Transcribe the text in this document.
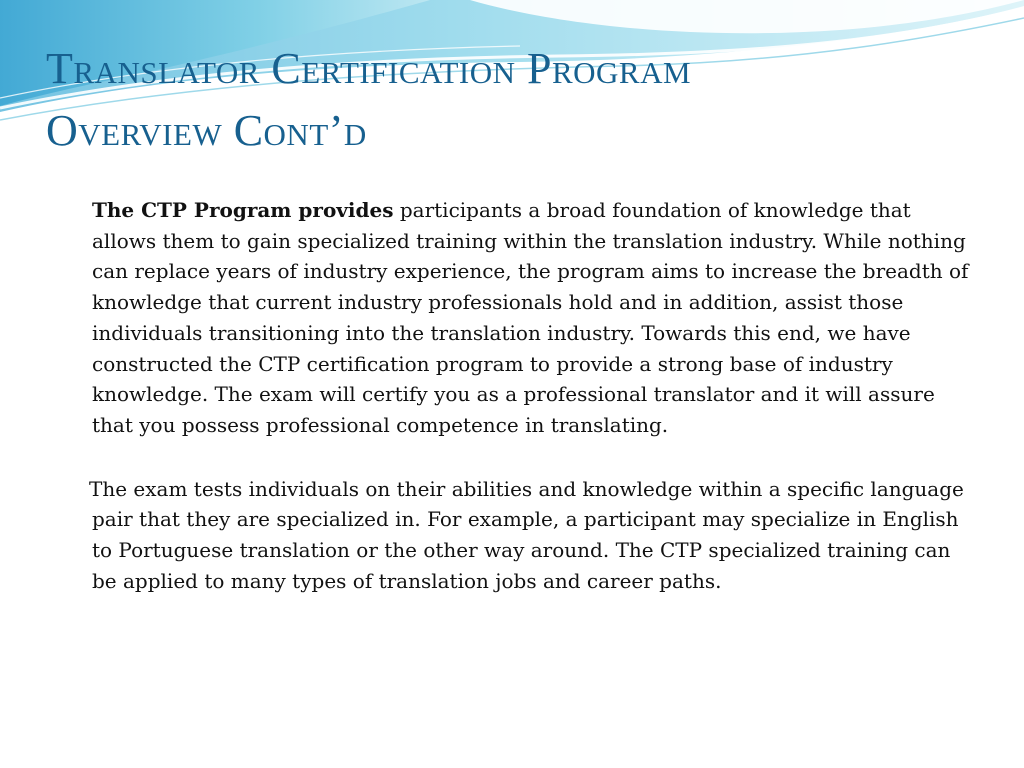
Translator Certification Program
Overview Cont’d

The CTP Program provides participants a broad foundation of knowledge that allows them to gain specialized training within the translation industry. While nothing can replace years of industry experience, the program aims to increase the breadth of knowledge that current industry professionals hold and in addition, assist those individuals transitioning into the translation industry. Towards this end, we have constructed the CTP certification program to provide a strong base of industry knowledge. The exam will certify you as a professional translator and it will assure that you possess professional competence in translating.

The exam tests individuals on their abilities and knowledge within a specific language pair that they are specialized in. For example, a participant may specialize in English to Portuguese translation or the other way around. The CTP specialized training can be applied to many types of translation jobs and career paths.
